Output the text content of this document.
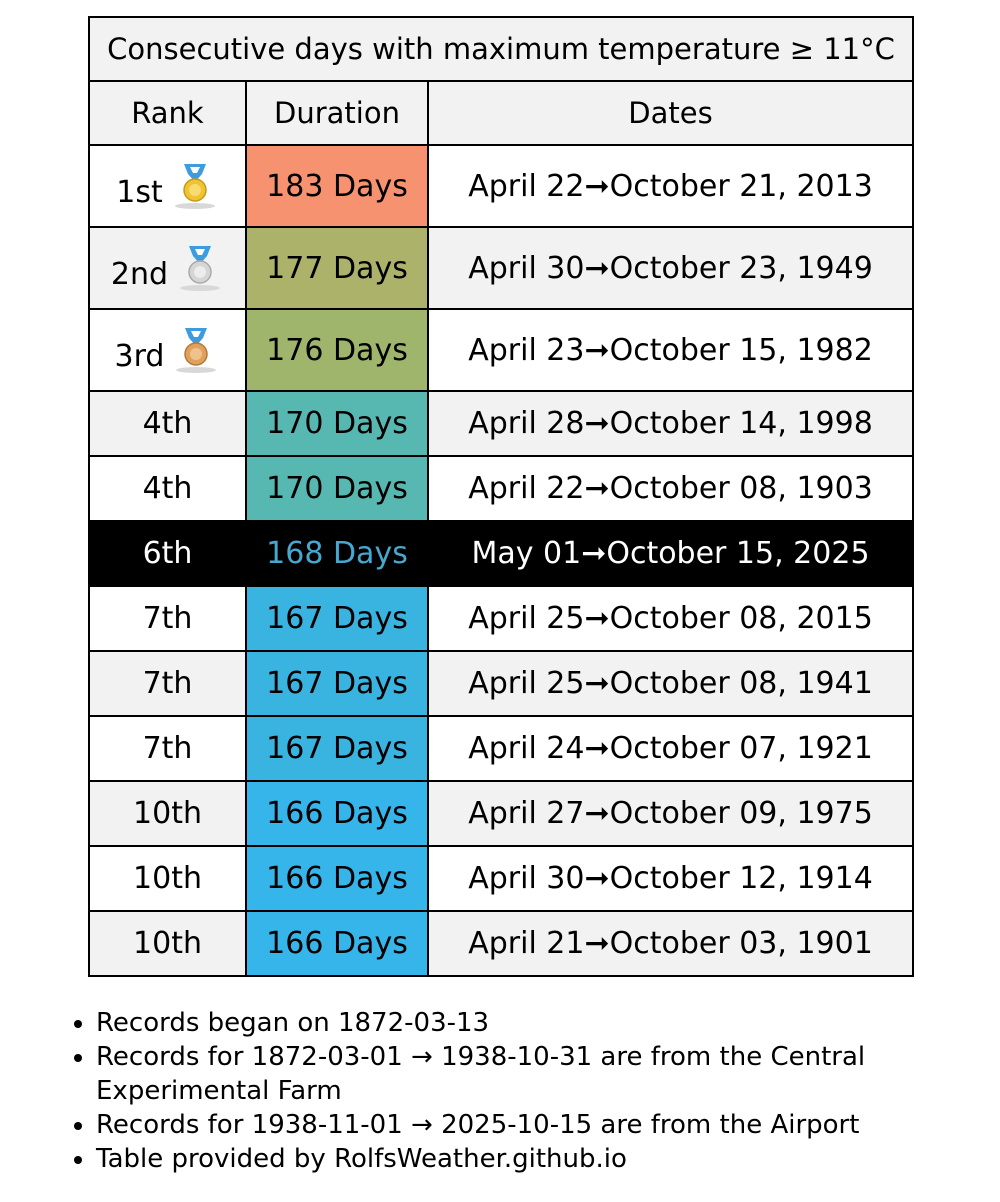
Consecutive days with maximum temperature ≥ 11°C		
Rank	Duration	Dates

1st	183 Days	April 22➞October 21, 2013

2nd	177 Days	April 30➞October 23, 1949

3rd	176 Days	April 23➞October 15, 1982
4th	170 Days	April 28➞October 14, 1998
4th	170 Days	April 22➞October 08, 1903
6th	168 Days	May 01➞October 15, 2025
7th	167 Days	April 25➞October 08, 2015
7th	167 Days	April 25➞October 08, 1941
7th	167 Days	April 24➞October 07, 1921
10th	166 Days	April 27➞October 09, 1975
10th	166 Days	April 30➞October 12, 1914
10th	166 Days	April 21➞October 03, 1901
• Records began on 1872-03-13
• Records for 1872-03-01 → 1938-10-31 are from the Central Experimental Farm
• Records for 1938-11-01 → 2025-10-15 are from the Airport
• Table provided by RolfsWeather.github.io
